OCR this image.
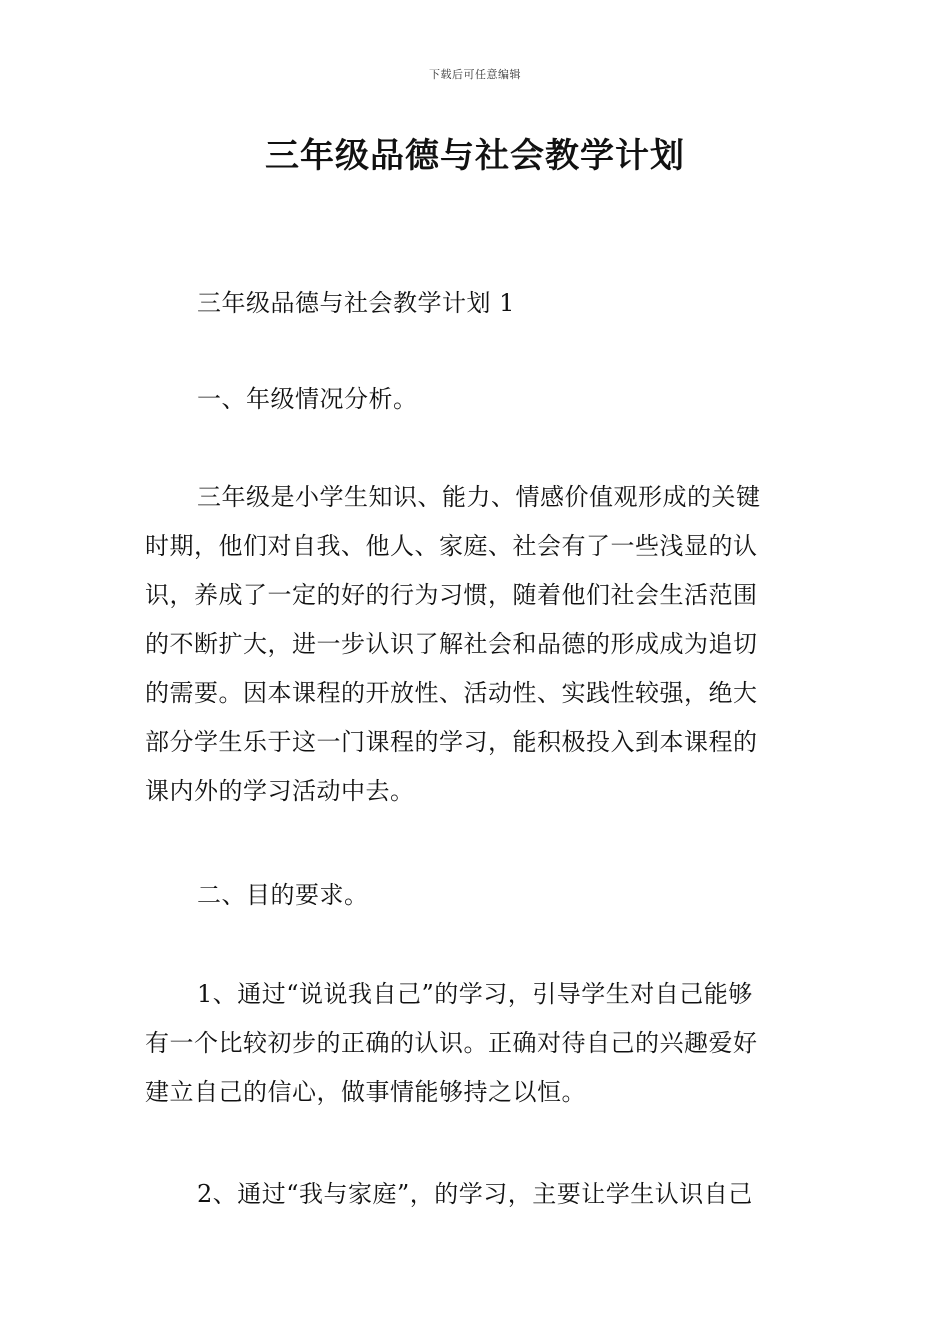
下载后可任意编辑
三年级品德与社会教学计划

三年级品德与社会教学计划 1

一、年级情况分析。

三年级是小学生知识、能力、情感价值观形成的关键
时期，他们对自我、他人、家庭、社会有了一些浅显的认
识，养成了一定的好的行为习惯，随着他们社会生活范围
的不断扩大，进一步认识了解社会和品德的形成成为追切
的需要。因本课程的开放性、活动性、实践性较强，绝大
部分学生乐于这一门课程的学习，能积极投入到本课程的
课内外的学习活动中去。

二、目的要求。

1、通过“说说我自己”的学习，引导学生对自己能够
有一个比较初步的正确的认识。正确对待自己的兴趣爱好
建立自己的信心，做事情能够持之以恒。

2、通过“我与家庭”，的学习，主要让学生认识自己
